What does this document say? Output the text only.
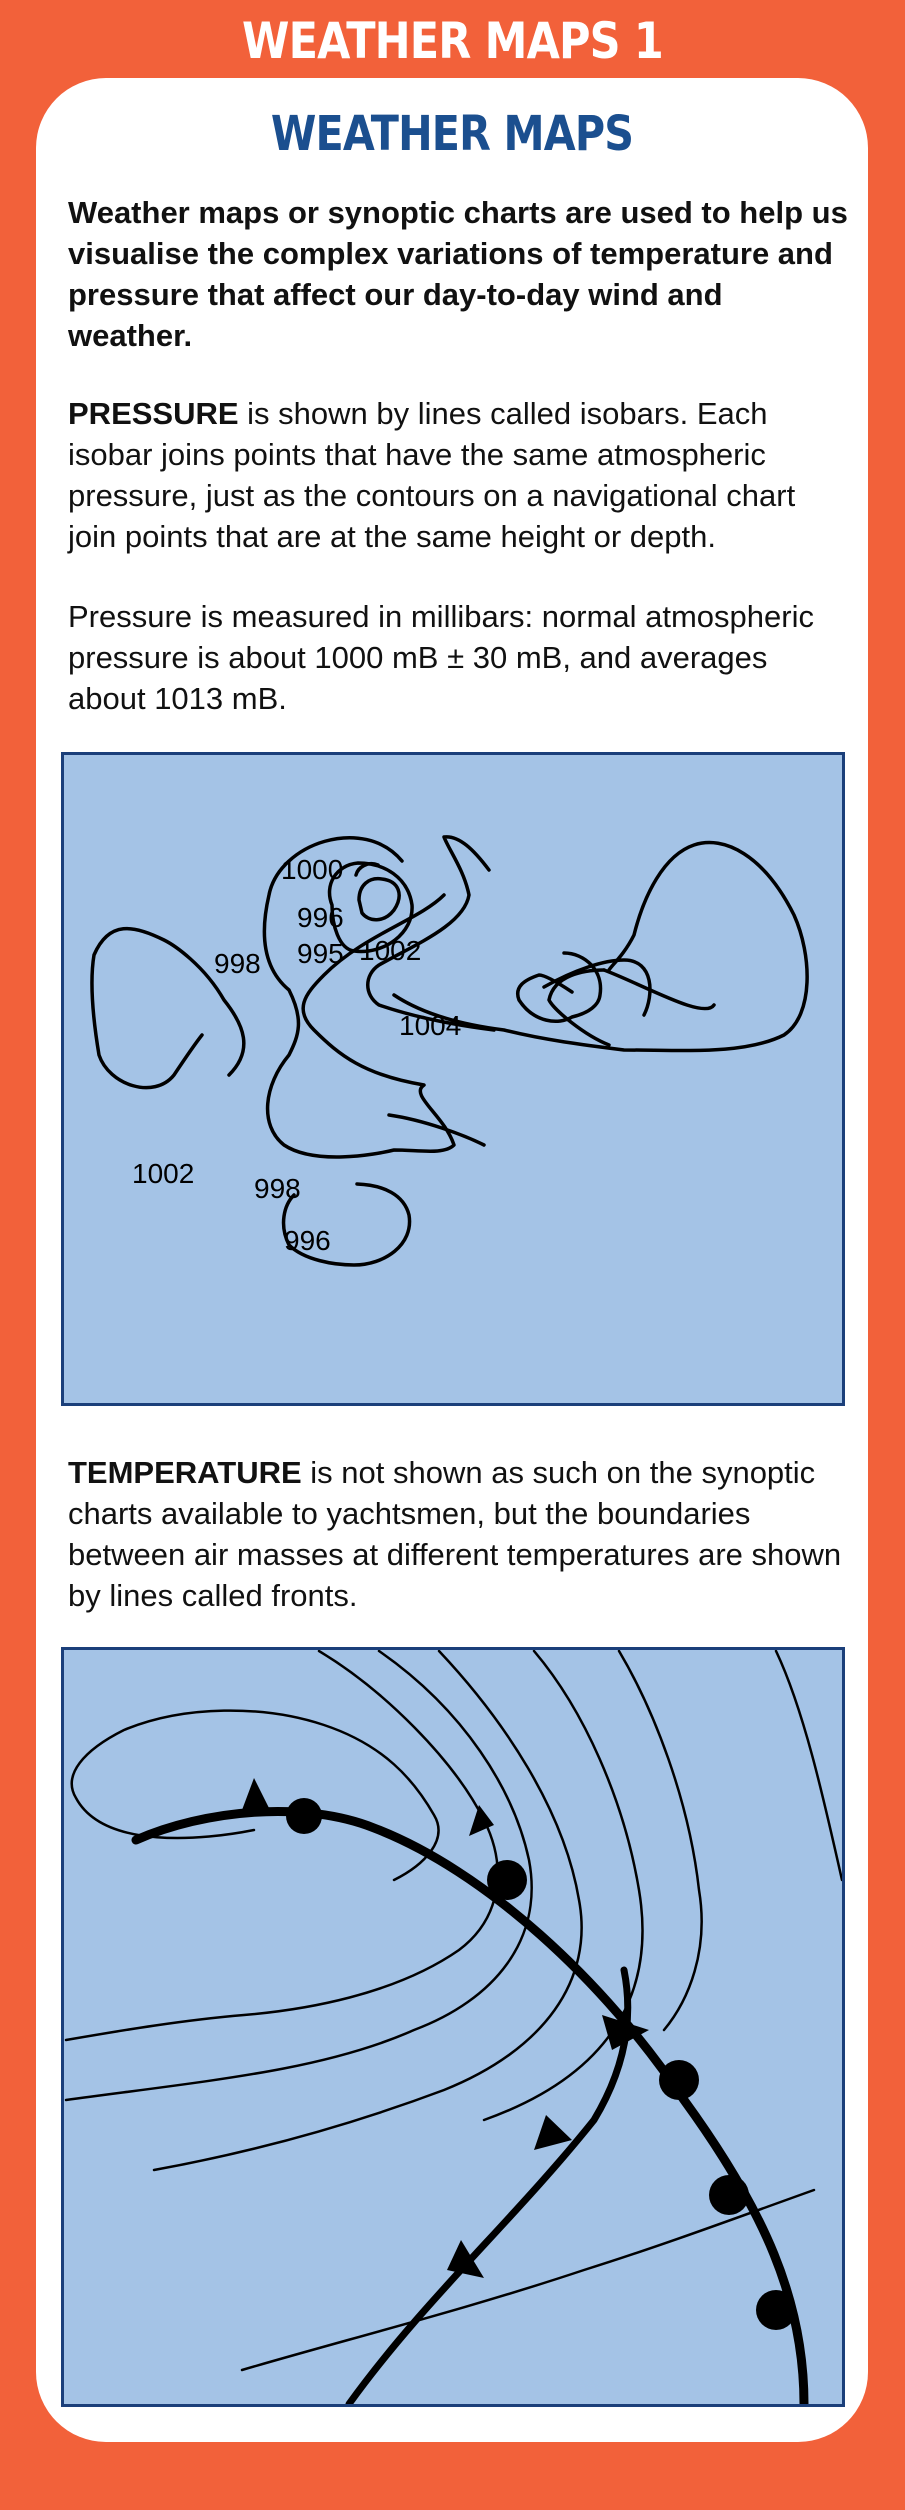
WEATHER MAPS 1
WEATHER MAPS

Weather maps or synoptic charts are used to help us visualise the complex variations of temperature and pressure that affect our day-to-day wind and weather.

PRESSURE is shown by lines called isobars. Each isobar joins points that have the same atmospheric pressure, just as the contours on a navigational chart join points that are at the same height or depth.

Pressure is measured in millibars: normal atmospheric pressure is about 1000 mB ± 30 mB, and averages about 1013 mB.

1000
996
995
998	1002
1004
1002 998
996

TEMPERATURE is not shown as such on the synoptic charts available to yachtsmen, but the boundaries between air masses at different temperatures are shown by lines called fronts.
